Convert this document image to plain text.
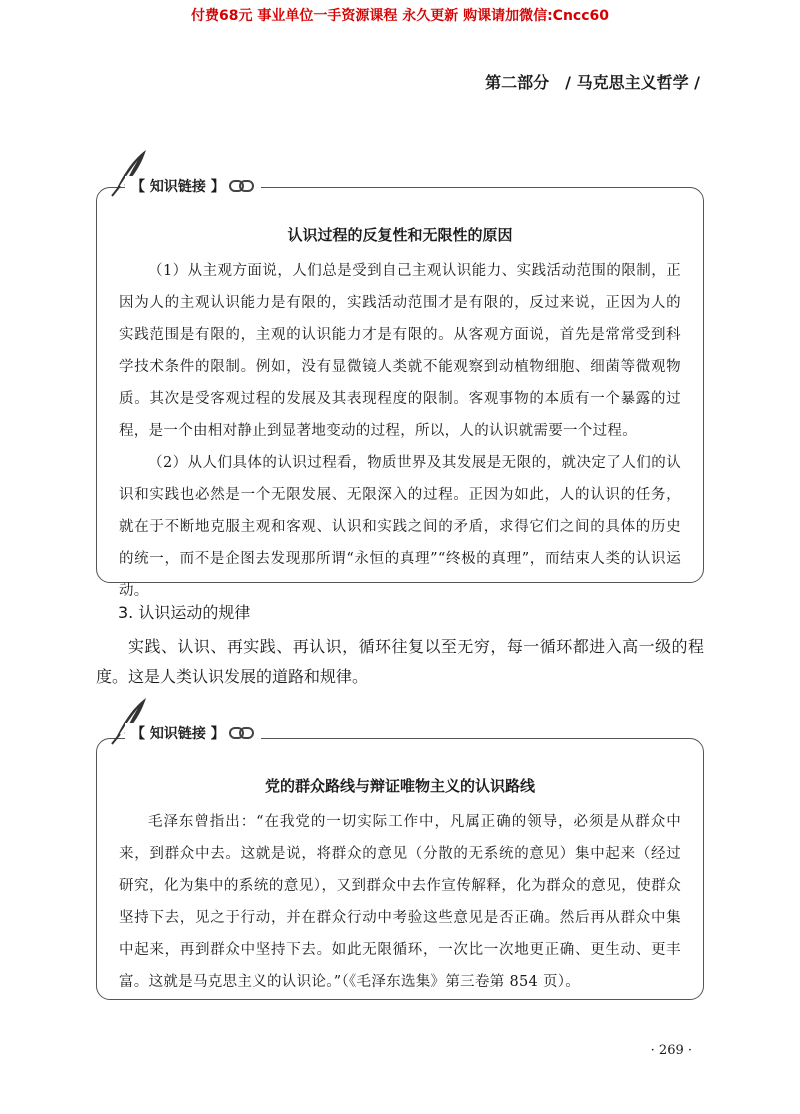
付费68元 事业单位一手资源课程 永久更新 购课请加微信:Cncc60
第二部分　/ 马克思主义哲学 /

认识过程的反复性和无限性的原因

（1）从主观方面说，人们总是受到自己主观认识能力、实践活动范围的限制，正因为人的主观认识能力是有限的，实践活动范围才是有限的，反过来说，正因为人的实践范围是有限的，主观的认识能力才是有限的。从客观方面说，首先是常常受到科学技术条件的限制。例如，没有显微镜人类就不能观察到动植物细胞、细菌等微观物质。其次是受客观过程的发展及其表现程度的限制。客观事物的本质有一个暴露的过程，是一个由相对静止到显著地变动的过程，所以，人的认识就需要一个过程。

（2）从人们具体的认识过程看，物质世界及其发展是无限的，就决定了人们的认识和实践也必然是一个无限发展、无限深入的过程。正因为如此，人的认识的任务，就在于不断地克服主观和客观、认识和实践之间的矛盾，求得它们之间的具体的历史的统一，而不是企图去发现那所谓“永恒的真理”“终极的真理”，而结束人类的认识运动。

【 知识链接 】
3. 认识运动的规律

实践、认识、再实践、再认识，循环往复以至无穷，每一循环都进入高一级的程度。这是人类认识发展的道路和规律。

党的群众路线与辩证唯物主义的认识路线

毛泽东曾指出：“在我党的一切实际工作中，凡属正确的领导，必须是从群众中来，到群众中去。这就是说，将群众的意见（分散的无系统的意见）集中起来（经过研究，化为集中的系统的意见），又到群众中去作宣传解释，化为群众的意见，使群众坚持下去，见之于行动，并在群众行动中考验这些意见是否正确。然后再从群众中集中起来，再到群众中坚持下去。如此无限循环，一次比一次地更正确、更生动、更丰富。这就是马克思主义的认识论。”（《毛泽东选集》第三卷第 854 页）。

【 知识链接 】
· 269 ·
